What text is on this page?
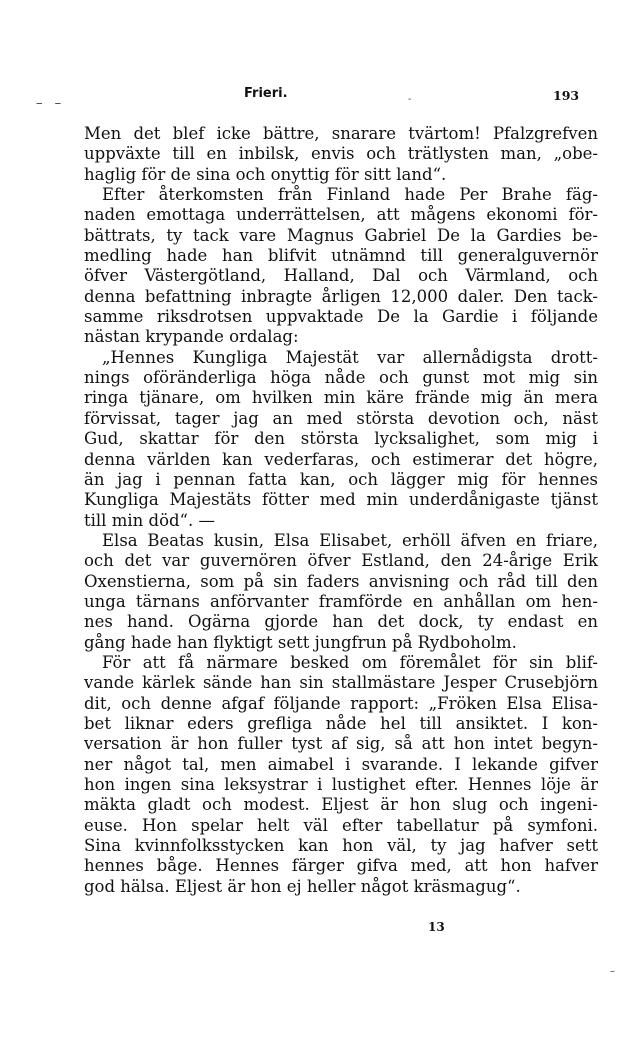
– –
Frieri.	-	193
Men det blef icke bättre, snarare tvärtom! Pfalzgrefven
uppväxte till en inbilsk, envis och trätlysten man, „obe-
haglig för de sina och onyttig för sitt land“.
Efter återkomsten från Finland hade Per Brahe fäg-
naden emottaga underrättelsen, att mågens ekonomi för-
bättrats, ty tack vare Magnus Gabriel De la Gardies be-
medling hade han blifvit utnämnd till generalguvernör
öfver Västergötland, Halland, Dal och Värmland, och
denna befattning inbragte årligen 12,000 daler. Den tack-
samme riksdrotsen uppvaktade De la Gardie i följande
nästan krypande ordalag:
„Hennes Kungliga Majestät var allernådigsta drott-
nings oföränderliga höga nåde och gunst mot mig sin
ringa tjänare, om hvilken min käre frände mig än mera
förvissat, tager jag an med största devotion och, näst
Gud, skattar för den största lycksalighet, som mig i
denna världen kan vederfaras, och estimerar det högre,
än jag i pennan fatta kan, och lägger mig för hennes
Kungliga Majestäts fötter med min underdånigaste tjänst
till min död“. —
Elsa Beatas kusin, Elsa Elisabet, erhöll äfven en friare,
och det var guvernören öfver Estland, den 24-årige Erik
Oxenstierna, som på sin faders anvisning och råd till den
unga tärnans anförvanter framförde en anhållan om hen-
nes hand. Ogärna gjorde han det dock, ty endast en
gång hade han flyktigt sett jungfrun på Rydboholm.
För att få närmare besked om föremålet för sin blif-
vande kärlek sände han sin stallmästare Jesper Crusebjörn
dit, och denne afgaf följande rapport: „Fröken Elsa Elisa-
bet liknar eders grefliga nåde hel till ansiktet. I kon-
versation är hon fuller tyst af sig, så att hon intet begyn-
ner något tal, men aimabel i svarande. I lekande gifver
hon ingen sina leksystrar i lustighet efter. Hennes löje är
mäkta gladt och modest. Eljest är hon slug och ingeni-
euse. Hon spelar helt väl efter tabellatur på symfoni.
Sina kvinnfolksstycken kan hon väl, ty jag hafver sett
hennes båge. Hennes färger gifva med, att hon hafver
god hälsa. Eljest är hon ej heller något kräsmagug“.
13
–
